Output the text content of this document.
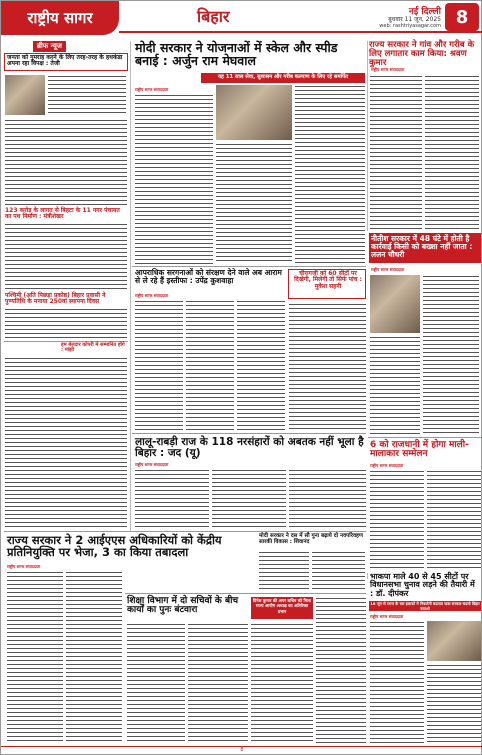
राष्ट्रीय सागर	बिहार	नई दिल्ली
बुधवार 11 जून, 2025
web: rashtriyasagar.com 8
ब्रीफ न्यूज
जनता को गुमराह करने के लिए तरह-तरह के हथकंडा अपना रहा विपक्ष : तेजी
123 करोड़ के लागत से बिहटा के 11 नगर पंचायत का पथ निर्माण : मंत्रीशेखर
पश्चिमी (अति पिछड़ा प्रकोष्ठ) बिहार प्रवासी ने पुण्यतिथि के मनाया 250वां स्थापना दिवस
हम बेलदार कोपरी में सम्मानित होंगे : मांझी
मोदी सरकार ने योजनाओं में स्केल और स्पीड बनाई : अर्जुन राम मेघवाल
यह 11 साल सेवा, सुशासन और गरीब कल्याण के लिए रहे समर्पित
राष्ट्रीय सागर संवाददाता
राज्य सरकार ने गांव और गरीब के लिए लगातार काम किया: श्रवण कुमार
राष्ट्रीय सागर संवाददाता
आपराधिक सरगनाओं को संरक्षण देने वाले अब आराम से ले रहे हैं इस्तीफा : उपेंद्र कुशवाहा
राष्ट्रीय सागर संवाददाता
चीरागजी को 60 सीटों पर दिखेगी, मिलेगी तो सिर्फ पांच : मुकेश सहनी
नीतीश सरकार में 48 घंटे में होती है कार्रवाई किसी को बख्शा नहीं जाता : ललन चौधरी
राष्ट्रीय सागर संवाददाता
लालू-राबड़ी राज के 118 नरसंहारों को अबतक नहीं भूला है बिहार : जद (यू)
राष्ट्रीय सागर संवाददाता
6 को राजधानी में होगा माली-मालाकार सम्मेलन
राष्ट्रीय सागर संवाददाता
राज्य सरकार ने 2 आईएएस अधिकारियों को केंद्रीय प्रतिनियुक्ति पर भेजा, 3 का किया तबादला
राष्ट्रीय सागर संवाददाता
मोदी सरकार ने दस में सौ गुना बढ़ाये दो नवपरिवहण सारकी विकास : शिवानंद
शिक्षा विभाग में दो सचिवों के बीच कार्यों का पुनः बंटवारा
दिनेश कुमार की अपर सचिव को मिला राज्य आयोग अध्यक्ष का अतिरिक्त प्रभार
भाकपा माले 40 से 45 सीटों पर विधानसभा चुनाव लड़ने की तैयारी में : डॉ. दीपंकर
18 जून से राज्य के चार इलाकों में निकलेगी बदलाव यात्रा सरकार-बदलो बिहार बचाओ
राष्ट्रीय सागर संवाददाता
8
